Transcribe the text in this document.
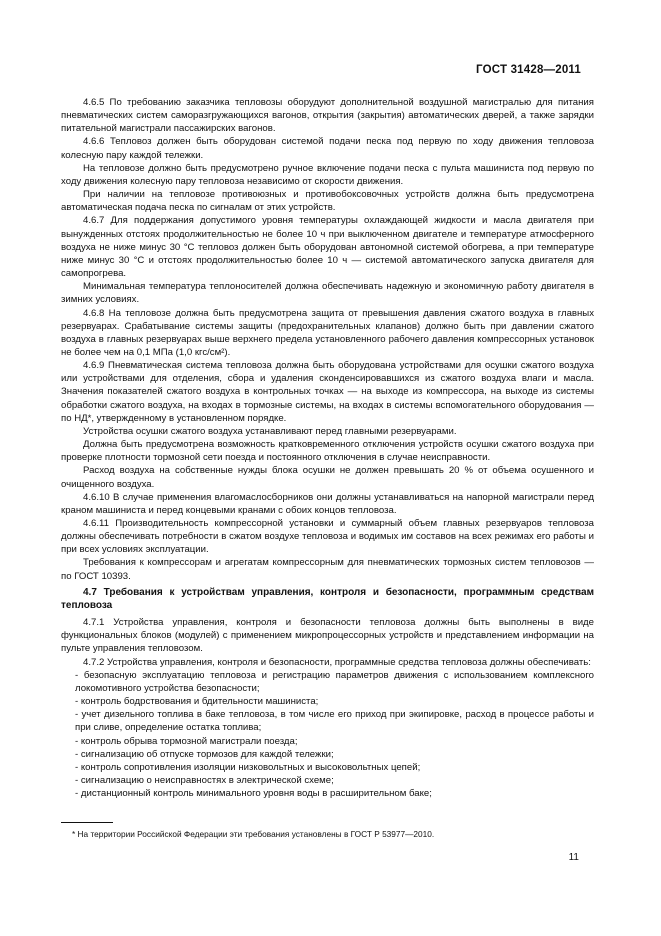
ГОСТ 31428—2011

4.6.5 По требованию заказчика тепловозы оборудуют дополнительной воздушной магистралью для питания пневматических систем саморазгружающихся вагонов, открытия (закрытия) автоматических дверей, а также зарядки питательной магистрали пассажирских вагонов.

4.6.6 Тепловоз должен быть оборудован системой подачи песка под первую по ходу движения тепловоза колесную пару каждой тележки.

На тепловозе должно быть предусмотрено ручное включение подачи песка с пульта машиниста под первую по ходу движения колесную пару тепловоза независимо от скорости движения.

При наличии на тепловозе противоюзных и противобоксовочных устройств должна быть предусмотрена автоматическая подача песка по сигналам от этих устройств.

4.6.7 Для поддержания допустимого уровня температуры охлаждающей жидкости и масла двигателя при вынужденных отстоях продолжительностью не более 10 ч при выключенном двигателе и температуре атмосферного воздуха не ниже минус 30 °С тепловоз должен быть оборудован автономной системой обогрева, а при температуре ниже минус 30 °С и отстоях продолжительностью более 10 ч — системой автоматического запуска двигателя для самопрогрева.

Минимальная температура теплоносителей должна обеспечивать надежную и экономичную работу двигателя в зимних условиях.

4.6.8 На тепловозе должна быть предусмотрена защита от превышения давления сжатого воздуха в главных резервуарах. Срабатывание системы защиты (предохранительных клапанов) должно быть при давлении сжатого воздуха в главных резервуарах выше верхнего предела установленного рабочего давления компрессорных установок не более чем на 0,1 МПа (1,0 кгс/см²).

4.6.9 Пневматическая система тепловоза должна быть оборудована устройствами для осушки сжатого воздуха или устройствами для отделения, сбора и удаления сконденсировавшихся из сжатого воздуха влаги и масла. Значения показателей сжатого воздуха в контрольных точках — на выходе из компрессора, на выходе из системы обработки сжатого воздуха, на входах в тормозные системы, на входах в системы вспомогательного оборудования — по НД*, утвержденному в установленном порядке.

Устройства осушки сжатого воздуха устанавливают перед главными резервуарами.

Должна быть предусмотрена возможность кратковременного отключения устройств осушки сжатого воздуха при проверке плотности тормозной сети поезда и постоянного отключения в случае неисправности.

Расход воздуха на собственные нужды блока осушки не должен превышать 20 % от объема осушенного и очищенного воздуха.

4.6.10 В случае применения влагомаслосборников они должны устанавливаться на напорной магистрали перед краном машиниста и перед концевыми кранами с обоих концов тепловоза.

4.6.11 Производительность компрессорной установки и суммарный объем главных резервуаров тепловоза должны обеспечивать потребности в сжатом воздухе тепловоза и водимых им составов на всех режимах его работы и при всех условиях эксплуатации.

Требования к компрессорам и агрегатам компрессорным для пневматических тормозных систем тепловозов — по ГОСТ 10393.

4.7 Требования к устройствам управления, контроля и безопасности, программным средствам тепловоза

4.7.1 Устройства управления, контроля и безопасности тепловоза должны быть выполнены в виде функциональных блоков (модулей) с применением микропроцессорных устройств и представлением информации на пульте управления тепловозом.

4.7.2 Устройства управления, контроля и безопасности, программные средства тепловоза должны обеспечивать:

- безопасную эксплуатацию тепловоза и регистрацию параметров движения с использованием комплексного локомотивного устройства безопасности;

- контроль бодрствования и бдительности машиниста;

- учет дизельного топлива в баке тепловоза, в том числе его приход при экипировке, расход в процессе работы и при сливе, определение остатка топлива;

- контроль обрыва тормозной магистрали поезда;

- сигнализацию об отпуске тормозов для каждой тележки;

- контроль сопротивления изоляции низковольтных и высоковольтных цепей;

- сигнализацию о неисправностях в электрической схеме;

- дистанционный контроль минимального уровня воды в расширительном баке;

* На территории Российской Федерации эти требования установлены в ГОСТ Р 53977—2010.
11
